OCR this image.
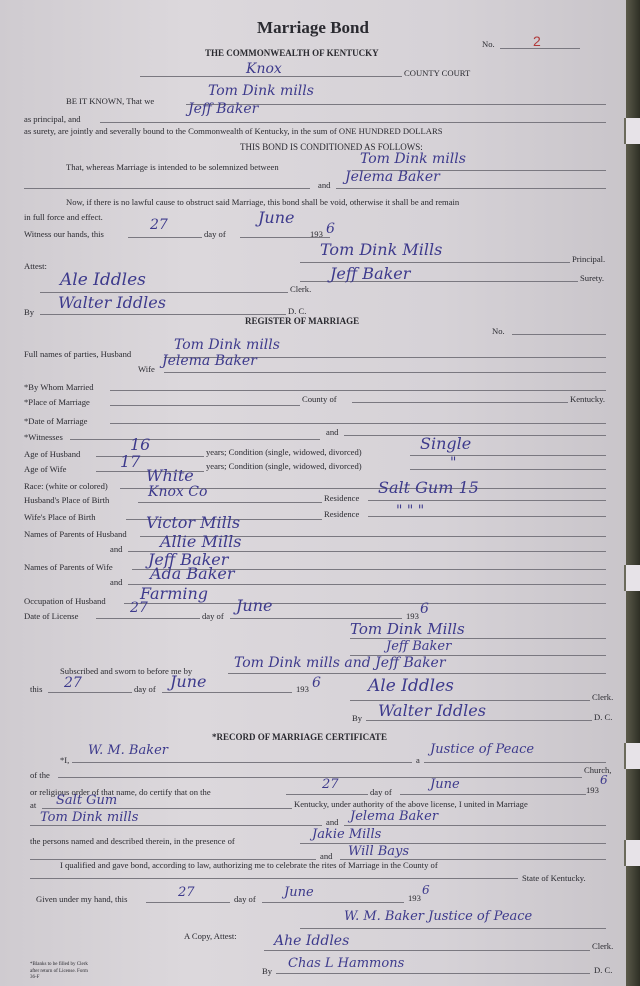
Marriage Bond
THE COMMONWEALTH OF KENTUCKY
No.	2
Knox	COUNTY COURT
BE IT KNOWN, That we
Tom Dink mills
as principal, and
Jeff Baker
as surety, are jointly and severally bound to the Commonwealth of Kentucky, in the sum of ONE HUNDRED DOLLARS
THIS BOND IS CONDITIONED AS FOLLOWS:
That, whereas Marriage is intended to be solemnized between	Tom Dink mills
and Jelema Baker
Now, if there is no lawful cause to obstruct said Marriage, this bond shall be void, otherwise it shall be and remain
in full force and effect.
Witness our hands, this
27
day of
June
193 6
Attest:
Tom Dink Mills	Principal.
Jeff Baker	Surety.
Ale Iddles	Clerk.
By Walter Iddles	D. C.
REGISTER OF MARRIAGE
No.
Full names of parties, Husband
Tom Dink mills
Wife Jelema Baker
*By Whom Married
*Place of Marriage	County of	Kentucky.
*Date of Marriage
*Witnesses	and
Age of Husband	16	years; Condition (single, widowed, divorced)	Single
Age of Wife	17	years; Condition (single, widowed, divorced)	"
Race: (white or colored)
White
Husband's Place of Birth	Knox Co	Residence
Salt Gum 15
Wife's Place of Birth	Residence	" " "
Names of Parents of Husband
Victor Mills
and Allie Mills
Names of Parents of Wife Jeff Baker
and Ada Baker
Occupation of Husband Farming
Date of License	27	day of
June
193 6
Tom Dink Mills
Jeff Baker
Subscribed and sworn to before me by	Tom Dink mills and Jeff Baker
this 27	day of June	193 6	Ale Iddles
Clerk.
By Walter Iddles	D. C.
*RECORD OF MARRIAGE CERTIFICATE
*I,
W. M. Baker
a
Justice of Peace
of the	Church,
or religious order of that name, do certify that on the	27	day of	June	193
6
at Salt Gum	Kentucky, under authority of the above license, I united in Marriage
Tom Dink mills	and Jelema Baker
the persons named and described therein, in the presence of	Jakie Mills
and Will Bays
I qualified and gave bond, according to law, authorizing me to celebrate the rites of Marriage in the County of
State of Kentucky.
Given under my hand, this	27	day of June	193
6
W. M. Baker Justice of Peace
A Copy, Attest:	Ahe Iddles	Clerk.
By Chas L Hammons	D. C.
*Blanks to be filled by Clerk after return of License. Form 36-F
